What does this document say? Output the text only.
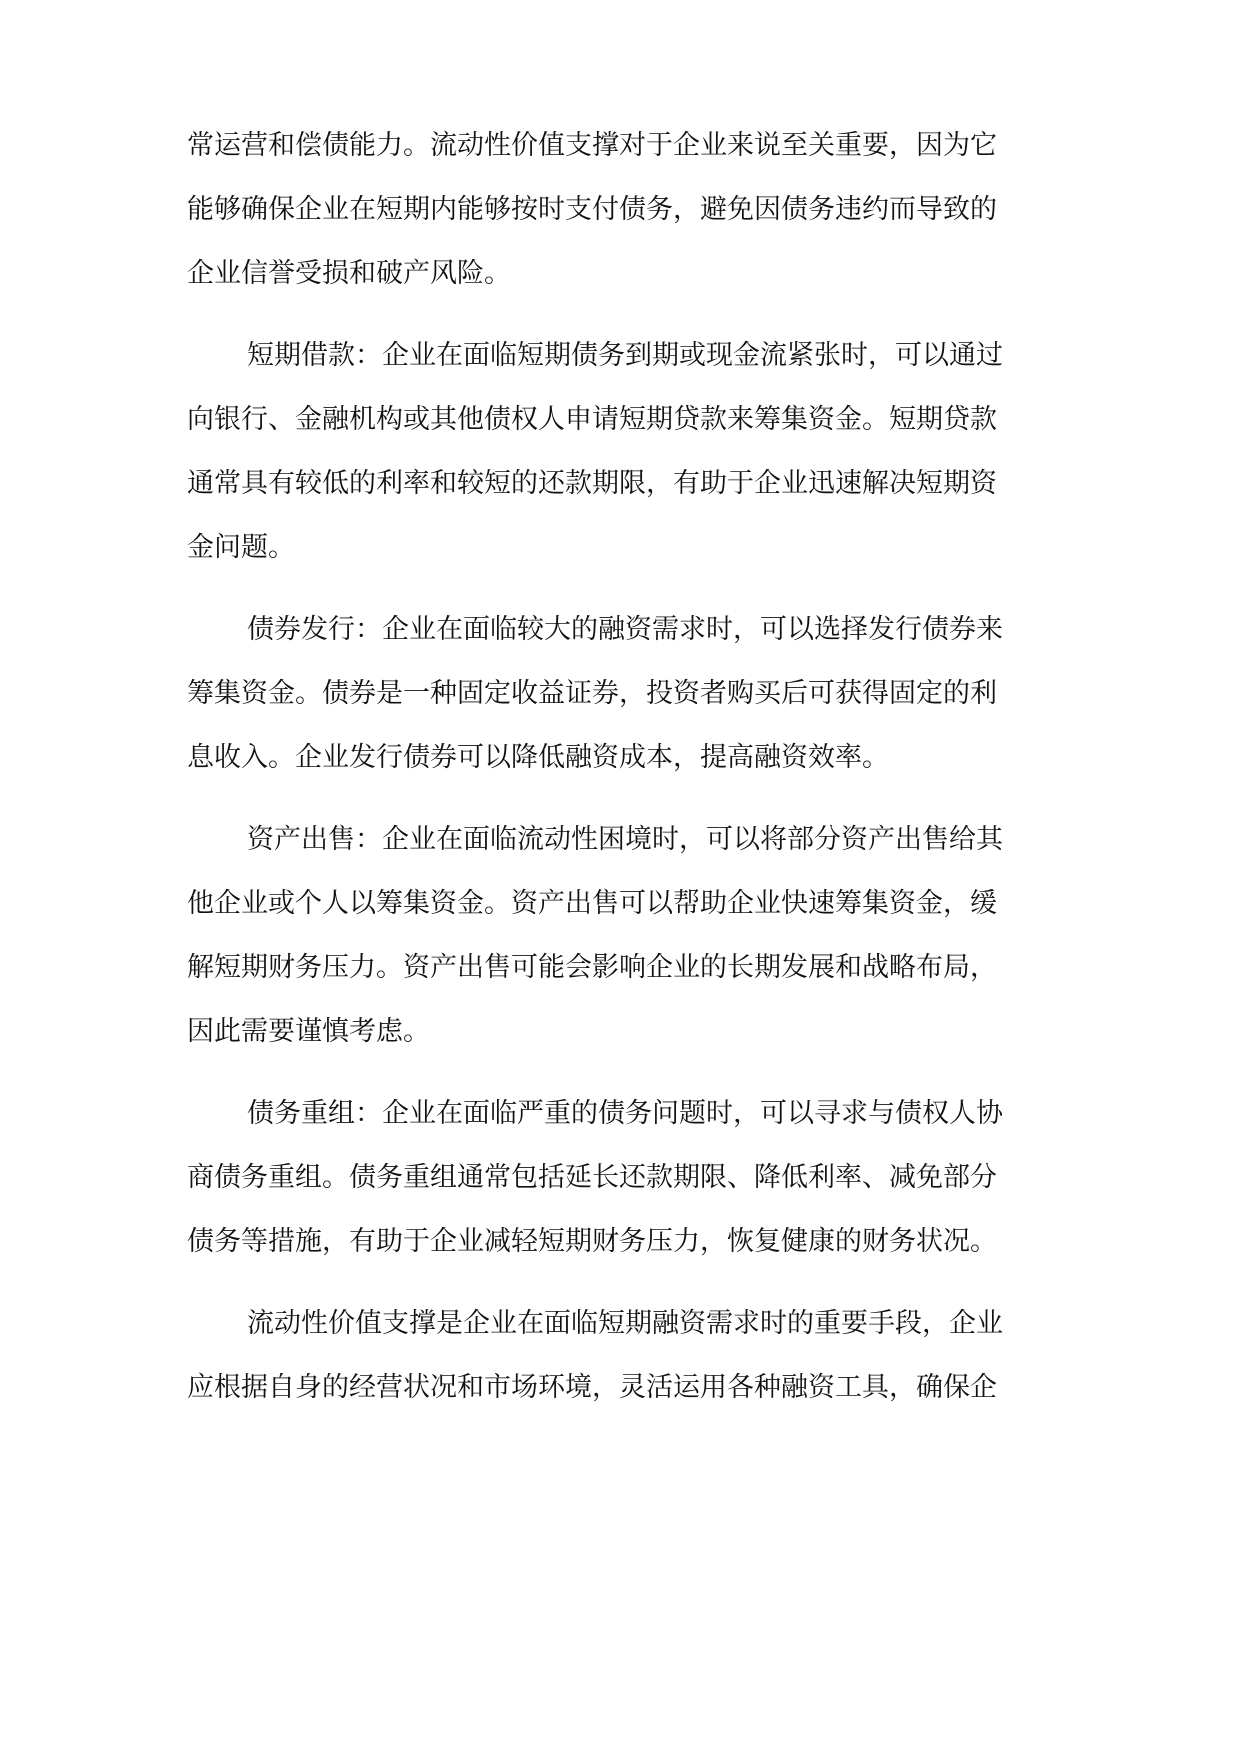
常运营和偿债能力。流动性价值支撑对于企业来说至关重要，因为它
能够确保企业在短期内能够按时支付债务，避免因债务违约而导致的
企业信誉受损和破产风险。
短期借款：企业在面临短期债务到期或现金流紧张时，可以通过
向银行、金融机构或其他债权人申请短期贷款来筹集资金。短期贷款
通常具有较低的利率和较短的还款期限，有助于企业迅速解决短期资
金问题。
债券发行：企业在面临较大的融资需求时，可以选择发行债券来
筹集资金。债券是一种固定收益证券，投资者购买后可获得固定的利
息收入。企业发行债券可以降低融资成本，提高融资效率。
资产出售：企业在面临流动性困境时，可以将部分资产出售给其
他企业或个人以筹集资金。资产出售可以帮助企业快速筹集资金，缓
解短期财务压力。资产出售可能会影响企业的长期发展和战略布局，
因此需要谨慎考虑。
债务重组：企业在面临严重的债务问题时，可以寻求与债权人协
商债务重组。债务重组通常包括延长还款期限、降低利率、减免部分
债务等措施，有助于企业减轻短期财务压力，恢复健康的财务状况。
流动性价值支撑是企业在面临短期融资需求时的重要手段，企业
应根据自身的经营状况和市场环境，灵活运用各种融资工具，确保企
